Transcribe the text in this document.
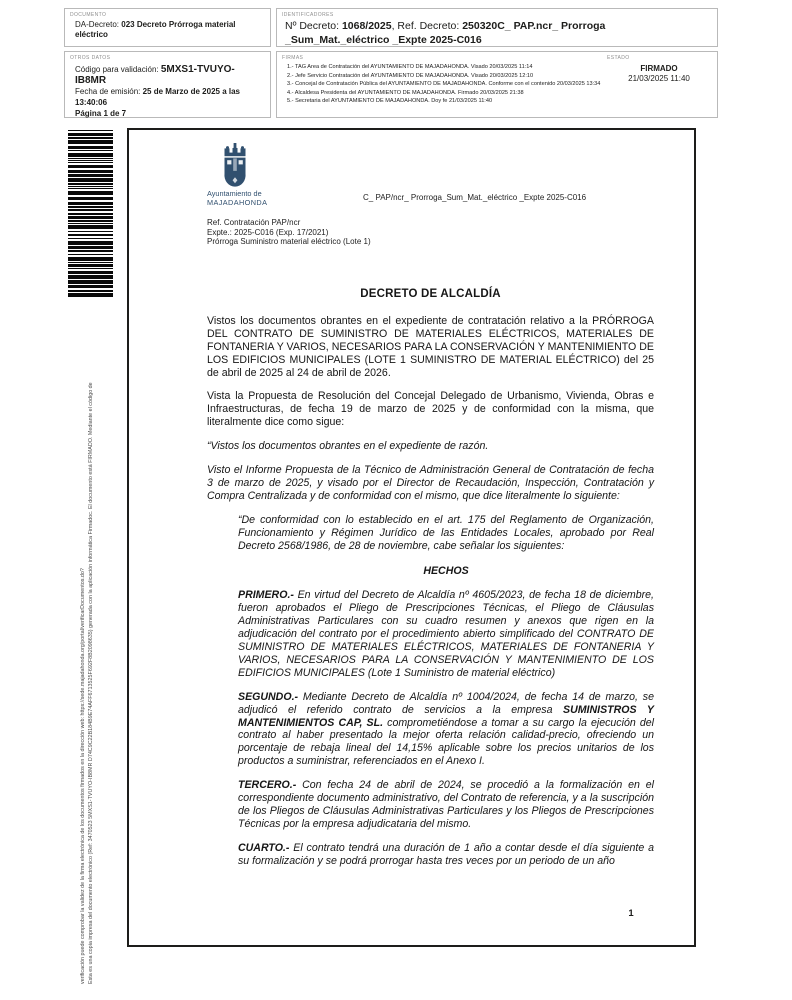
DOCUMENTO
DA-Decreto: 023 Decreto Prórroga material eléctrico
IDENTIFICADORES
Nº Decreto: 1068/2025, Ref. Decreto: 250320C_ PAP.ncr_ Prorroga _Sum_Mat._eléctrico _Expte 2025-C016
OTROS DATOS
Código para validación: 5MXS1-TVUYO-IB8MR
Fecha de emisión: 25 de Marzo de 2025 a las 13:40:06
Página 1 de 7
FIRMAS
1.- TAG Area de Contratación del AYUNTAMIENTO DE MAJADAHONDA. Visado 20/03/2025 11:14
2.- Jefe Servicio Contratación del AYUNTAMIENTO DE MAJADAHONDA. Visado 20/03/2025 12:10
3.- Concejal de Contratación Pública del AYUNTAMIENTO DE MAJADAHONDA. Conforme con el contenido 20/03/2025 13:34
4.- Alcaldesa Presidenta del AYUNTAMIENTO DE MAJADAHONDA. Firmado 20/03/2025 21:38
5.- Secretaria del AYUNTAMIENTO DE MAJADAHONDA. Doy fe 21/03/2025 11:40
ESTADO
FIRMADO
21/03/2025 11:40
Esta es una copia impresa del documento electrónico (Ref: 3470523 5MXS1-TVUYO-IB8MR D74C9C22B184B9E74AFF6713525F692F8B2098635) generada con la aplicación informática Firmadoc. El documento está FIRMADO. Mediante el código de
verificación puede comprobar la validez de la firma electrónica de los documentos firmados en la dirección web: https://sede.majadahonda.org/portal/verificarDocumentos.do?
Ayuntamiento de
MAJADAHONDA
C_ PAP/ncr_ Prorroga_Sum_Mat._eléctrico _Expte 2025-C016
Ref. Contratación PAP/ncr
Expte.: 2025-C016 (Exp. 17/2021)
Prórroga Suministro material eléctrico (Lote 1)
DECRETO DE ALCALDÍA

Vistos los documentos obrantes en el expediente de contratación relativo a la PRÓRROGA DEL CONTRATO DE SUMINISTRO DE MATERIALES ELÉCTRICOS, MATERIALES DE FONTANERIA Y VARIOS, NECESARIOS PARA LA CONSERVACIÓN Y MANTENIMIENTO DE LOS EDIFICIOS MUNICIPALES (LOTE 1 SUMINISTRO DE MATERIAL ELÉCTRICO) del 25 de abril de 2025 al 24 de abril de 2026.

Vista la Propuesta de Resolución del Concejal Delegado de Urbanismo, Vivienda, Obras e Infraestructuras, de fecha 19 de marzo de 2025 y de conformidad con la misma, que literalmente dice como sigue:

“Vistos los documentos obrantes en el expediente de razón.

Visto el Informe Propuesta de la Técnico de Administración General de Contratación de fecha 3 de marzo de 2025, y visado por el Director de Recaudación, Inspección, Contratación y Compra Centralizada y de conformidad con el mismo, que dice literalmente lo siguiente:

“De conformidad con lo establecido en el art. 175 del Reglamento de Organización, Funcionamiento y Régimen Jurídico de las Entidades Locales, aprobado por Real Decreto 2568/1986, de 28 de noviembre, cabe señalar los siguientes:

HECHOS

PRIMERO.- En virtud del Decreto de Alcaldía nº 4605/2023, de fecha 18 de diciembre, fueron aprobados el Pliego de Prescripciones Técnicas, el Pliego de Cláusulas Administrativas Particulares con su cuadro resumen y anexos que rigen en la adjudicación del contrato por el procedimiento abierto simplificado del CONTRATO DE SUMINISTRO DE MATERIALES ELÉCTRICOS, MATERIALES DE FONTANERIA Y VARIOS, NECESARIOS PARA LA CONSERVACIÓN Y MANTENIMIENTO DE LOS EDIFICIOS MUNICIPALES (Lote 1 Suministro de material eléctrico)

SEGUNDO.- Mediante Decreto de Alcaldía nº 1004/2024, de fecha 14 de marzo, se adjudicó el referido contrato de servicios a la empresa SUMINISTROS Y MANTENIMIENTOS CAP, SL. comprometiéndose a tomar a su cargo la ejecución del contrato al haber presentado la mejor oferta relación calidad-precio, ofreciendo un porcentaje de rebaja lineal del 14,15% aplicable sobre los precios unitarios de los productos a suministrar, referenciados en el Anexo I.

TERCERO.- Con fecha 24 de abril de 2024, se procedió a la formalización en el correspondiente documento administrativo, del Contrato de referencia, y a la suscripción de los Pliegos de Cláusulas Administrativas Particulares y los Pliegos de Prescripciones Técnicas por la empresa adjudicataria del mismo.

CUARTO.- El contrato tendrá una duración de 1 año a contar desde el día siguiente a su formalización y se podrá prorrogar hasta tres veces por un periodo de un año

1
